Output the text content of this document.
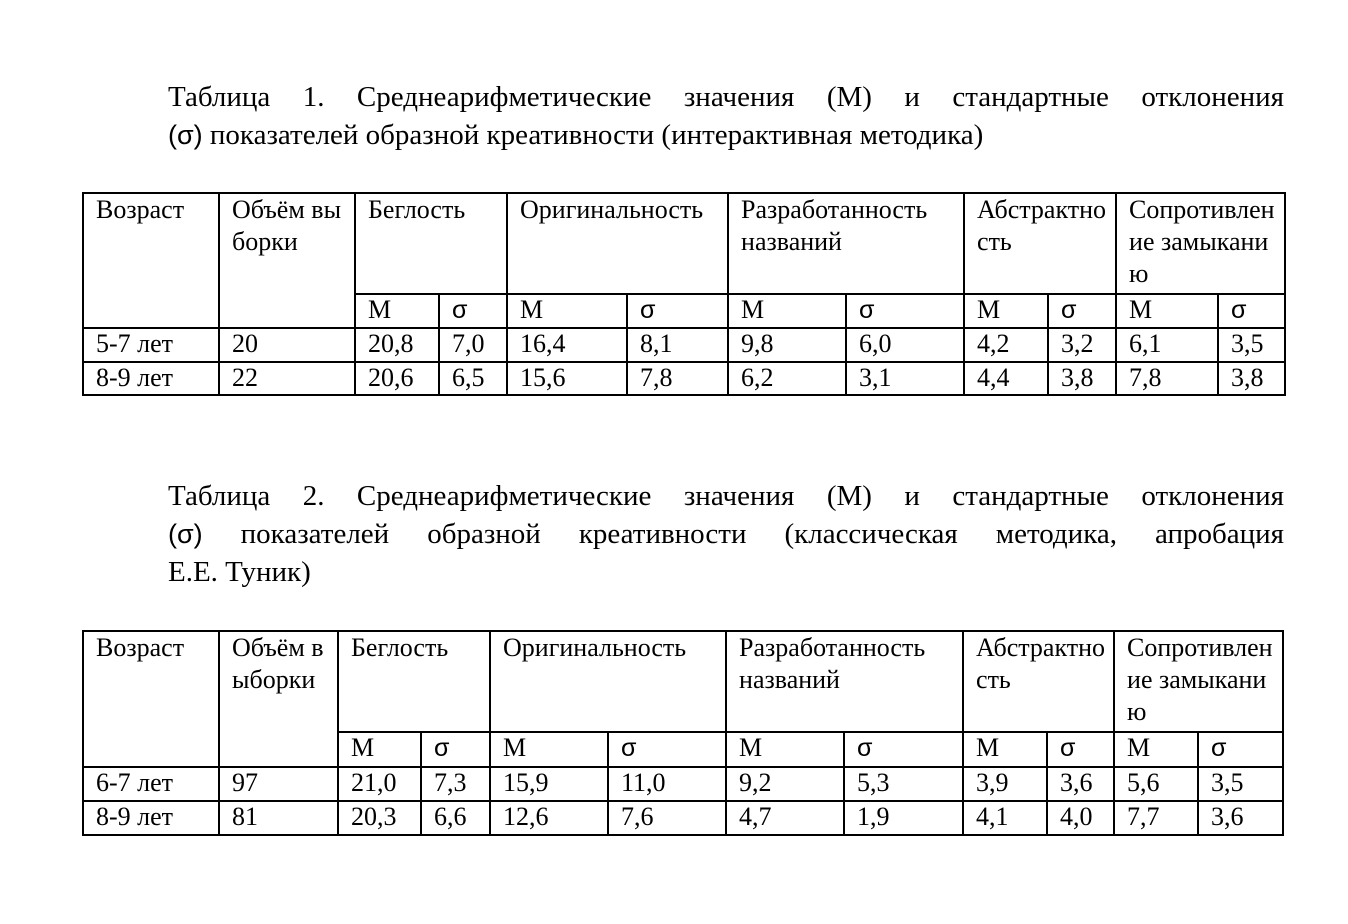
Таблица 1. Среднеарифметические значения (М) и стандартные отклонения
(σ) показателей образной креативности (интерактивная методика)
Возраст	Объём выборки	Беглость		Оригинальность		Разработанность названий		Абстрактность		Сопротивление замыканию	
		М	σ	М	σ	М	σ	М	σ	М	σ
5-7 лет	20	20,8	7,0	16,4	8,1	9,8	6,0	4,2	3,2	6,1	3,5
8-9 лет	22	20,6	6,5	15,6	7,8	6,2	3,1	4,4	3,8	7,8	3,8
Таблица 2. Среднеарифметические значения (М) и стандартные отклонения
(σ) показателей образной креативности (классическая методика, апробация
Е.Е. Туник)
Возраст	Объём выборки	Беглость		Оригинальность		Разработанность названий		Абстрактность		Сопротивление замыканию	
		М	σ	М	σ	М	σ	М	σ	М	σ
6-7 лет	97	21,0	7,3	15,9	11,0	9,2	5,3	3,9	3,6	5,6	3,5
8-9 лет	81	20,3	6,6	12,6	7,6	4,7	1,9	4,1	4,0	7,7	3,6
